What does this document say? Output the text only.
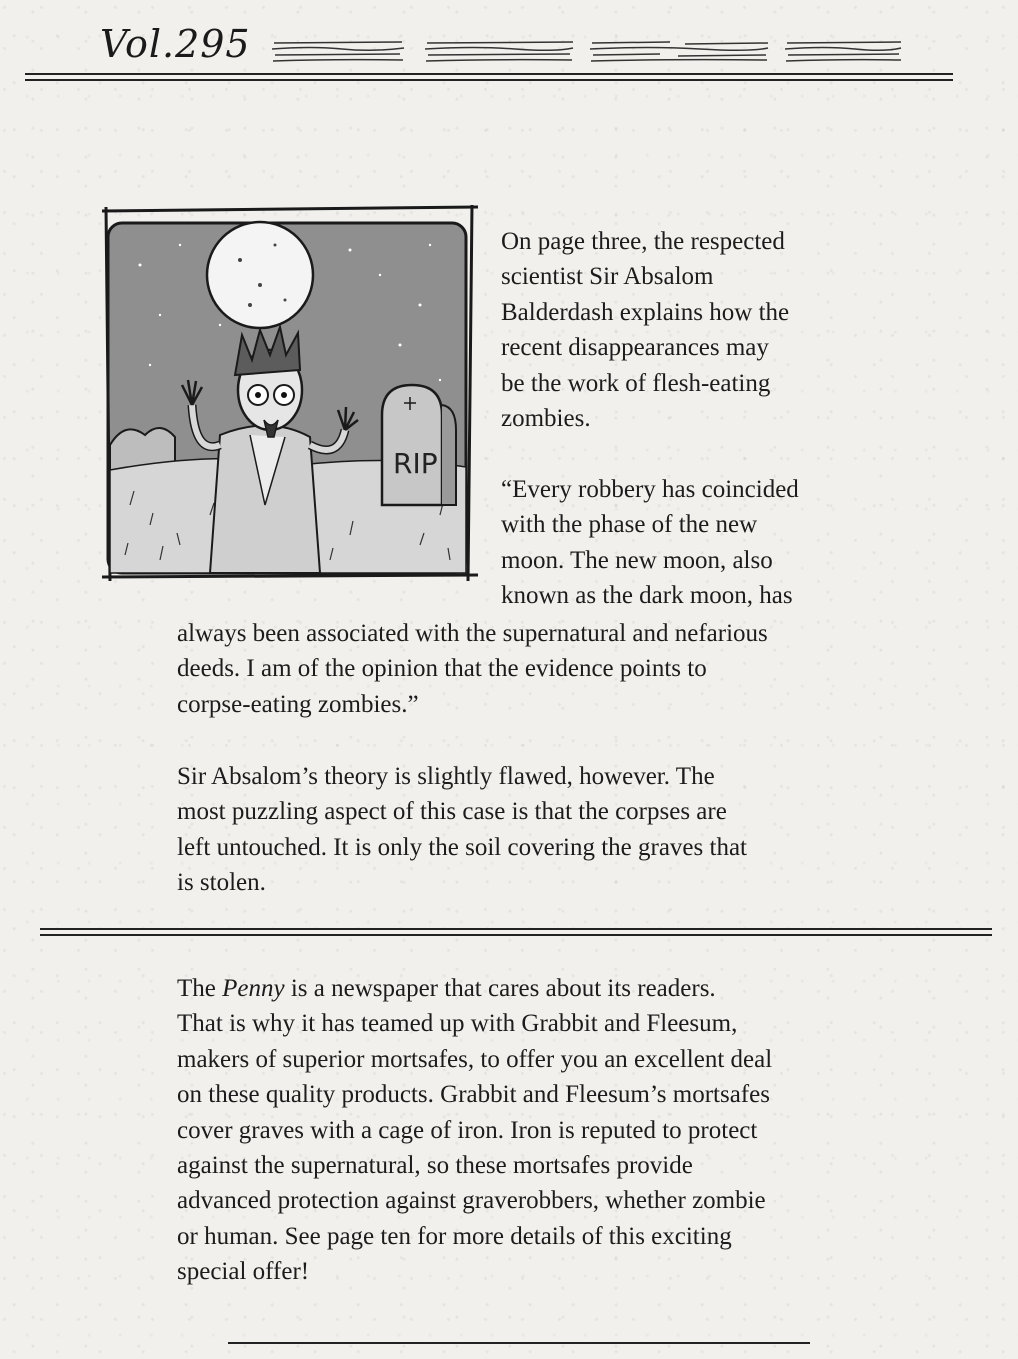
Vol.295
RIP
On page three, the respected
scientist Sir Absalom
Balderdash explains how the
recent disappearances may
be the work of flesh-eating
zombies.
“Every robbery has coincided
with the phase of the new
moon. The new moon, also
known as the dark moon, has
always been associated with the supernatural and nefarious
deeds. I am of the opinion that the evidence points to
corpse-eating zombies.”
Sir Absalom’s theory is slightly flawed, however. The
most puzzling aspect of this case is that the corpses are
left untouched. It is only the soil covering the graves that
is stolen.
The Penny is a newspaper that cares about its readers.
That is why it has teamed up with Grabbit and Fleesum,
makers of superior mortsafes, to offer you an excellent deal
on these quality products. Grabbit and Fleesum’s mortsafes
cover graves with a cage of iron. Iron is reputed to protect
against the supernatural, so these mortsafes provide
advanced protection against graverobbers, whether zombie
or human. See page ten for more details of this exciting
special offer!
